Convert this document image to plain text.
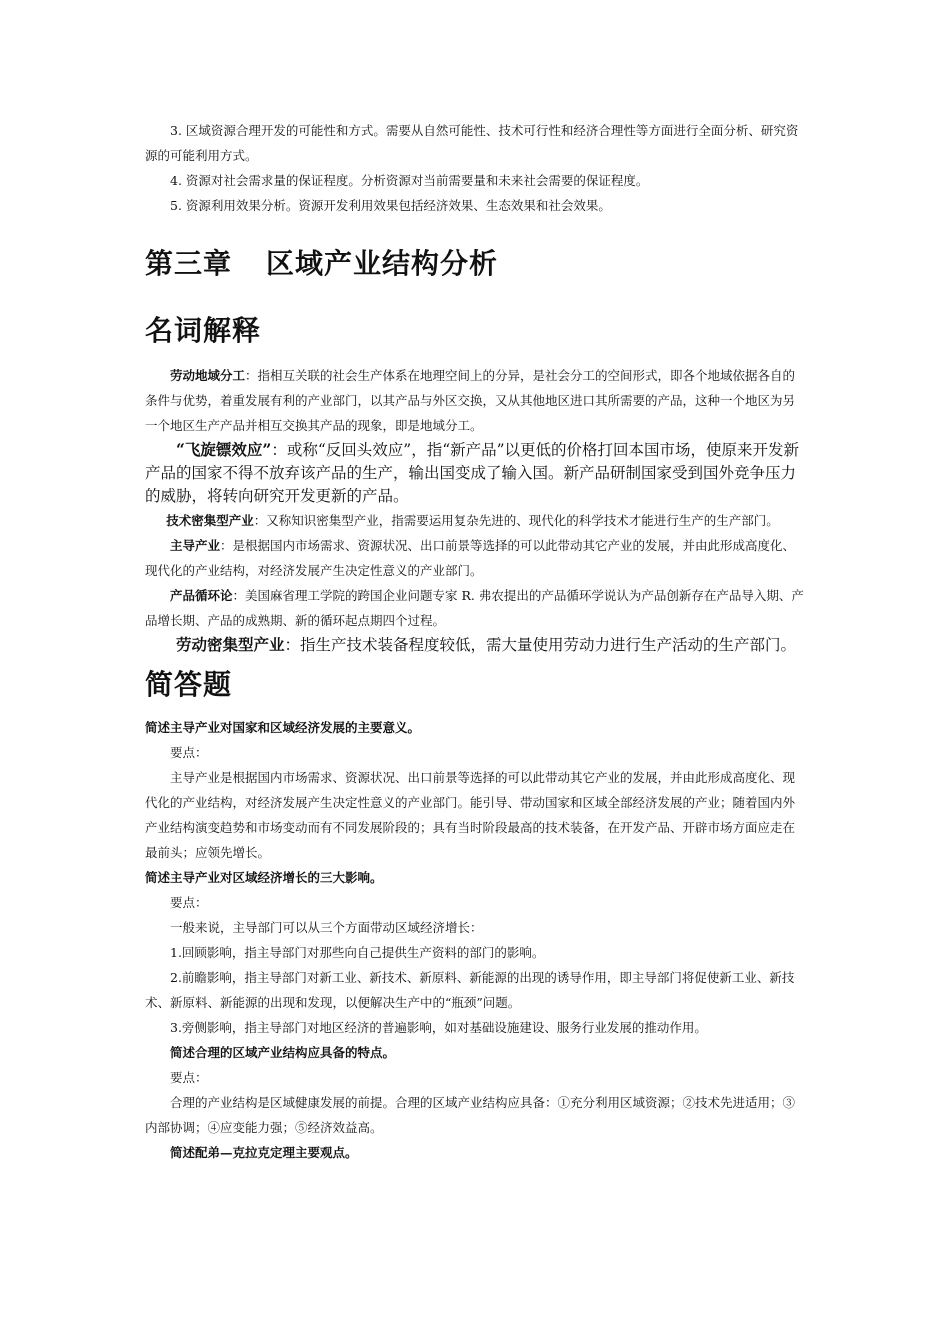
3. 区域资源合理开发的可能性和方式。需要从自然可能性、技术可行性和经济合理性等方面进行全面分析、研究资源的可能利用方式。

4. 资源对社会需求量的保证程度。分析资源对当前需要量和未来社会需要的保证程度。

5. 资源利用效果分析。资源开发利用效果包括经济效果、生态效果和社会效果。

第三章 区域产业结构分析
名词解释

劳动地域分工：指相互关联的社会生产体系在地理空间上的分异，是社会分工的空间形式，即各个地域依据各自的条件与优势，着重发展有利的产业部门，以其产品与外区交换，又从其他地区进口其所需要的产品，这种一个地区为另一个地区生产产品并相互交换其产品的现象，即是地域分工。

“飞旋镖效应”：或称“反回头效应”，指“新产品”以更低的价格打回本国市场，使原来开发新产品的国家不得不放弃该产品的生产，输出国变成了输入国。新产品研制国家受到国外竞争压力的威胁，将转向研究开发更新的产品。

技术密集型产业：又称知识密集型产业，指需要运用复杂先进的、现代化的科学技术才能进行生产的生产部门。

主导产业：是根据国内市场需求、资源状况、出口前景等选择的可以此带动其它产业的发展，并由此形成高度化、现代化的产业结构，对经济发展产生决定性意义的产业部门。

产品循环论：美国麻省理工学院的跨国企业问题专家 R. 弗农提出的产品循环学说认为产品创新存在产品导入期、产品增长期、产品的成熟期、新的循环起点期四个过程。

劳动密集型产业：指生产技术装备程度较低，需大量使用劳动力进行生产活动的生产部门。

简答题

简述主导产业对国家和区域经济发展的主要意义。

要点：

主导产业是根据国内市场需求、资源状况、出口前景等选择的可以此带动其它产业的发展，并由此形成高度化、现代化的产业结构，对经济发展产生决定性意义的产业部门。能引导、带动国家和区域全部经济发展的产业；随着国内外产业结构演变趋势和市场变动而有不同发展阶段的；具有当时阶段最高的技术装备，在开发产品、开辟市场方面应走在最前头；应领先增长。

简述主导产业对区域经济增长的三大影响。

要点：

一般来说，主导部门可以从三个方面带动区域经济增长：

1.回顾影响，指主导部门对那些向自己提供生产资料的部门的影响。

2.前瞻影响，指主导部门对新工业、新技术、新原料、新能源的出现的诱导作用，即主导部门将促使新工业、新技术、新原料、新能源的出现和发现，以便解决生产中的“瓶颈”问题。

3.旁侧影响，指主导部门对地区经济的普遍影响，如对基础设施建设、服务行业发展的推动作用。

简述合理的区域产业结构应具备的特点。

要点：

合理的产业结构是区域健康发展的前提。合理的区域产业结构应具备：①充分利用区域资源；②技术先进适用；③内部协调；④应变能力强；⑤经济效益高。

简述配弟—克拉克定理主要观点。
